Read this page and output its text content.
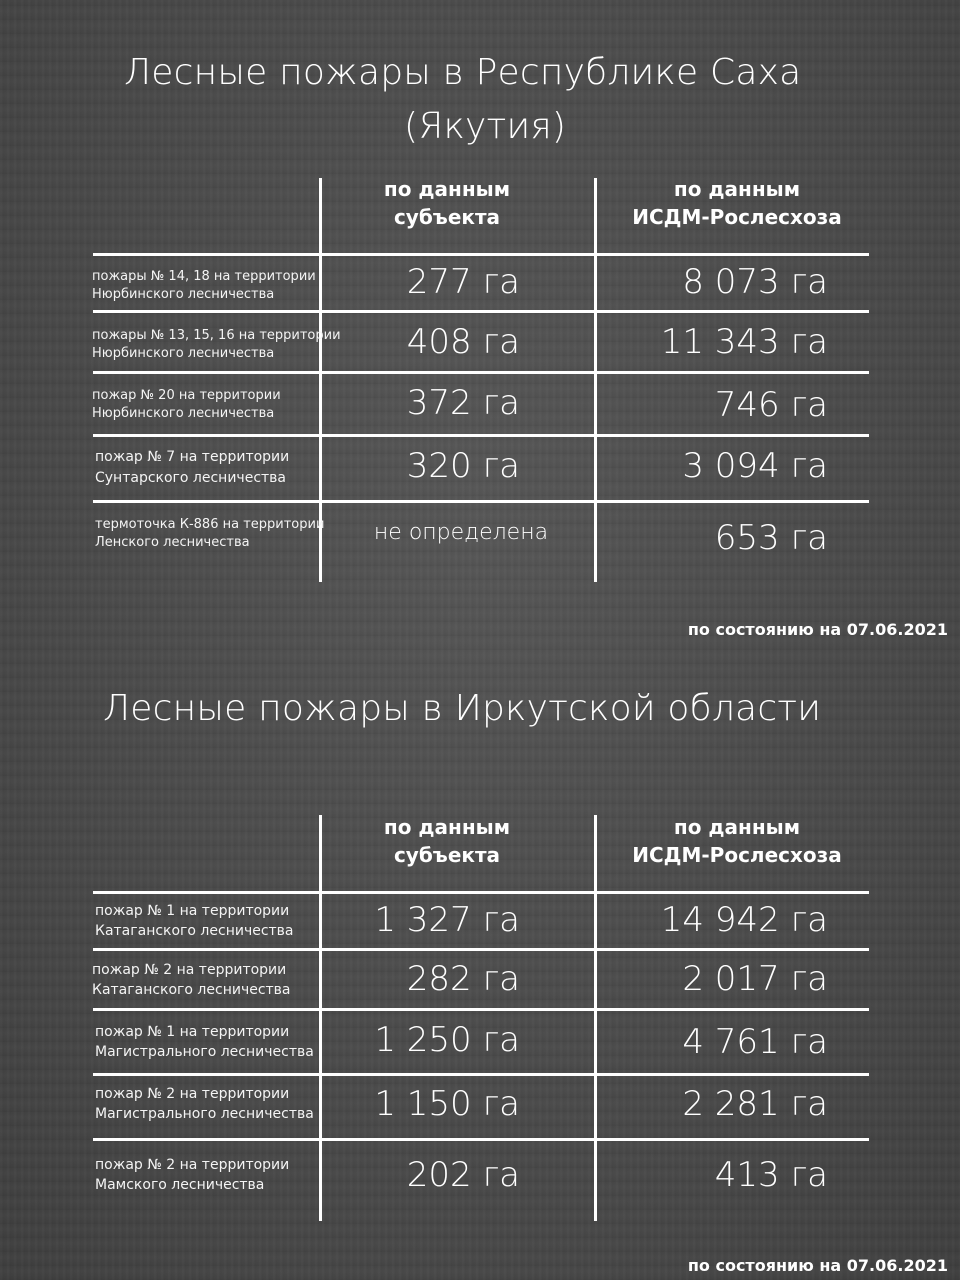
Лесные пожары в Республике Саха
(Якутия)
по данным
субъекта
по данным
ИСДМ-Рослесхоза
пожары № 14, 18 на территории
Нюрбинского лесничества	277 га	8 073 га
пожары № 13, 15, 16 на территории
Нюрбинского лесничества	408 га	11 343 га
пожар № 20 на территории
Нюрбинского лесничества	372 га	746 га
пожар № 7 на территории
Сунтарского лесничества	320 га	3 094 га
термоточка К-886 на территории
Ленского лесничества	не определена	653 га
по состоянию на 07.06.2021
Лесные пожары в Иркутской области
по данным
субъекта
по данным
ИСДМ-Рослесхоза
пожар № 1 на территории
Катаганского лесничества	1 327 га	14 942 га
пожар № 2 на территории
Катаганского лесничества	282 га	2 017 га
пожар № 1 на территории
Магистрального лесничества	1 250 га	4 761 га
пожар № 2 на территории
Магистрального лесничества	1 150 га	2 281 га
пожар № 2 на территории
Мамского лесничества	202 га	413 га
по состоянию на 07.06.2021
